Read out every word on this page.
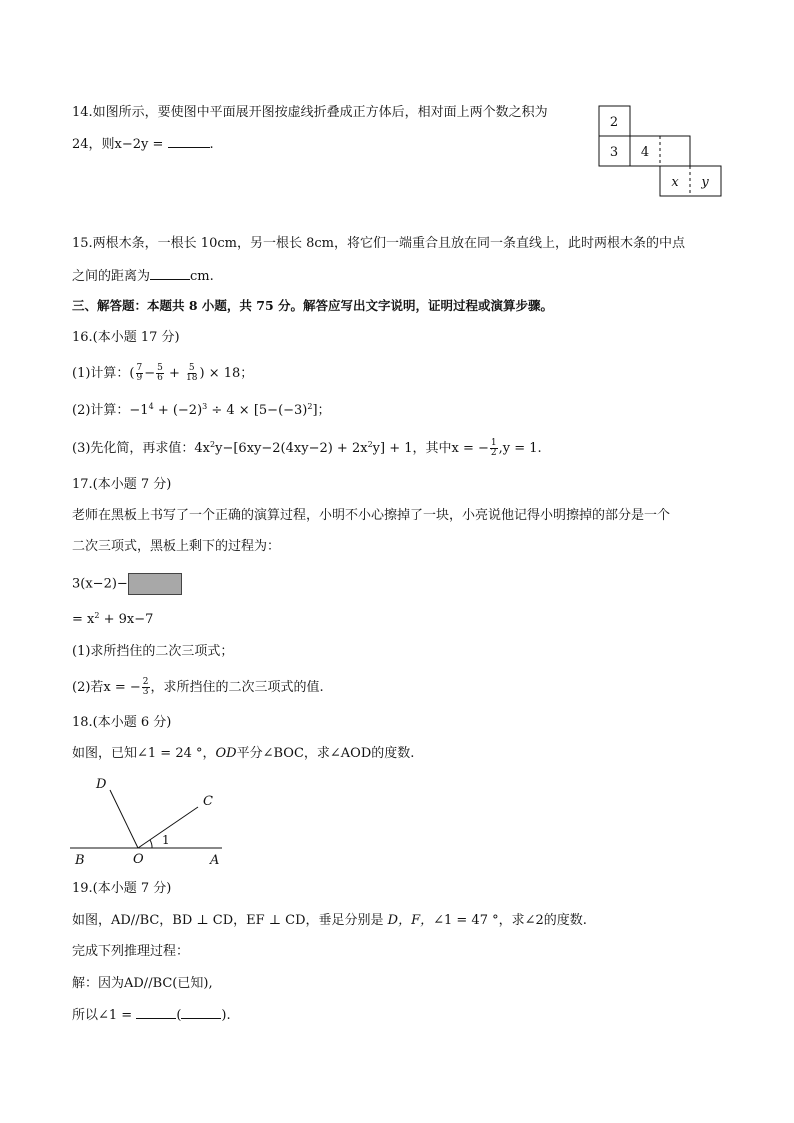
14.如图所示，要使图中平面展开图按虚线折叠成正方体后，相对面上两个数之积为
24，则x−2y =	.
2
3 4
x y
15.两根木条，一根长 10cm，另一根长 8cm，将它们一端重合且放在同一条直线上，此时两根木条的中点
之间的距离为	cm.
三、解答题：本题共 8 小题，共 75 分。解答应写出文字说明，证明过程或演算步骤。
16.(本小题 17 分)
(1)计算：( $\frac{7}{9} - \frac{5}{6} + \frac{5}{18}$ ) × 18；
(2)计算：$-1^4 + (-2)^3 \div 4 \times [5-(-3)^2]$；
(3)先化简，再求值：$4x^2y-[6xy-2(4xy-2) + 2x^2y] + 1$，其中x = − $\frac{1}{2} ,y = 1$.
17.(本小题 7 分)
老师在黑板上书写了一个正确的演算过程，小明不小心擦掉了一块，小亮说他记得小明擦掉的部分是一个
二次三项式，黑板上剩下的过程为：
3(x−2)−
= $x^2 + 9x-7$
(1)求所挡住的二次三项式；
(2)若x = − $\frac{2}{3}$ ，求所挡住的二次三项式的值.
18.(本小题 6 分)
如图，已知∠1 = 24 °，OD平分∠BOC，求∠AOD的度数.
D
C
B	O	A
1
19.(本小题 7 分)
如图，AD//BC，BD ⊥ CD，EF ⊥ CD，垂足分别是 D，F，∠1 = 47 °，求∠2的度数.
完成下列推理过程：
解：因为AD//BC(已知),
所以∠1 =	(	).
